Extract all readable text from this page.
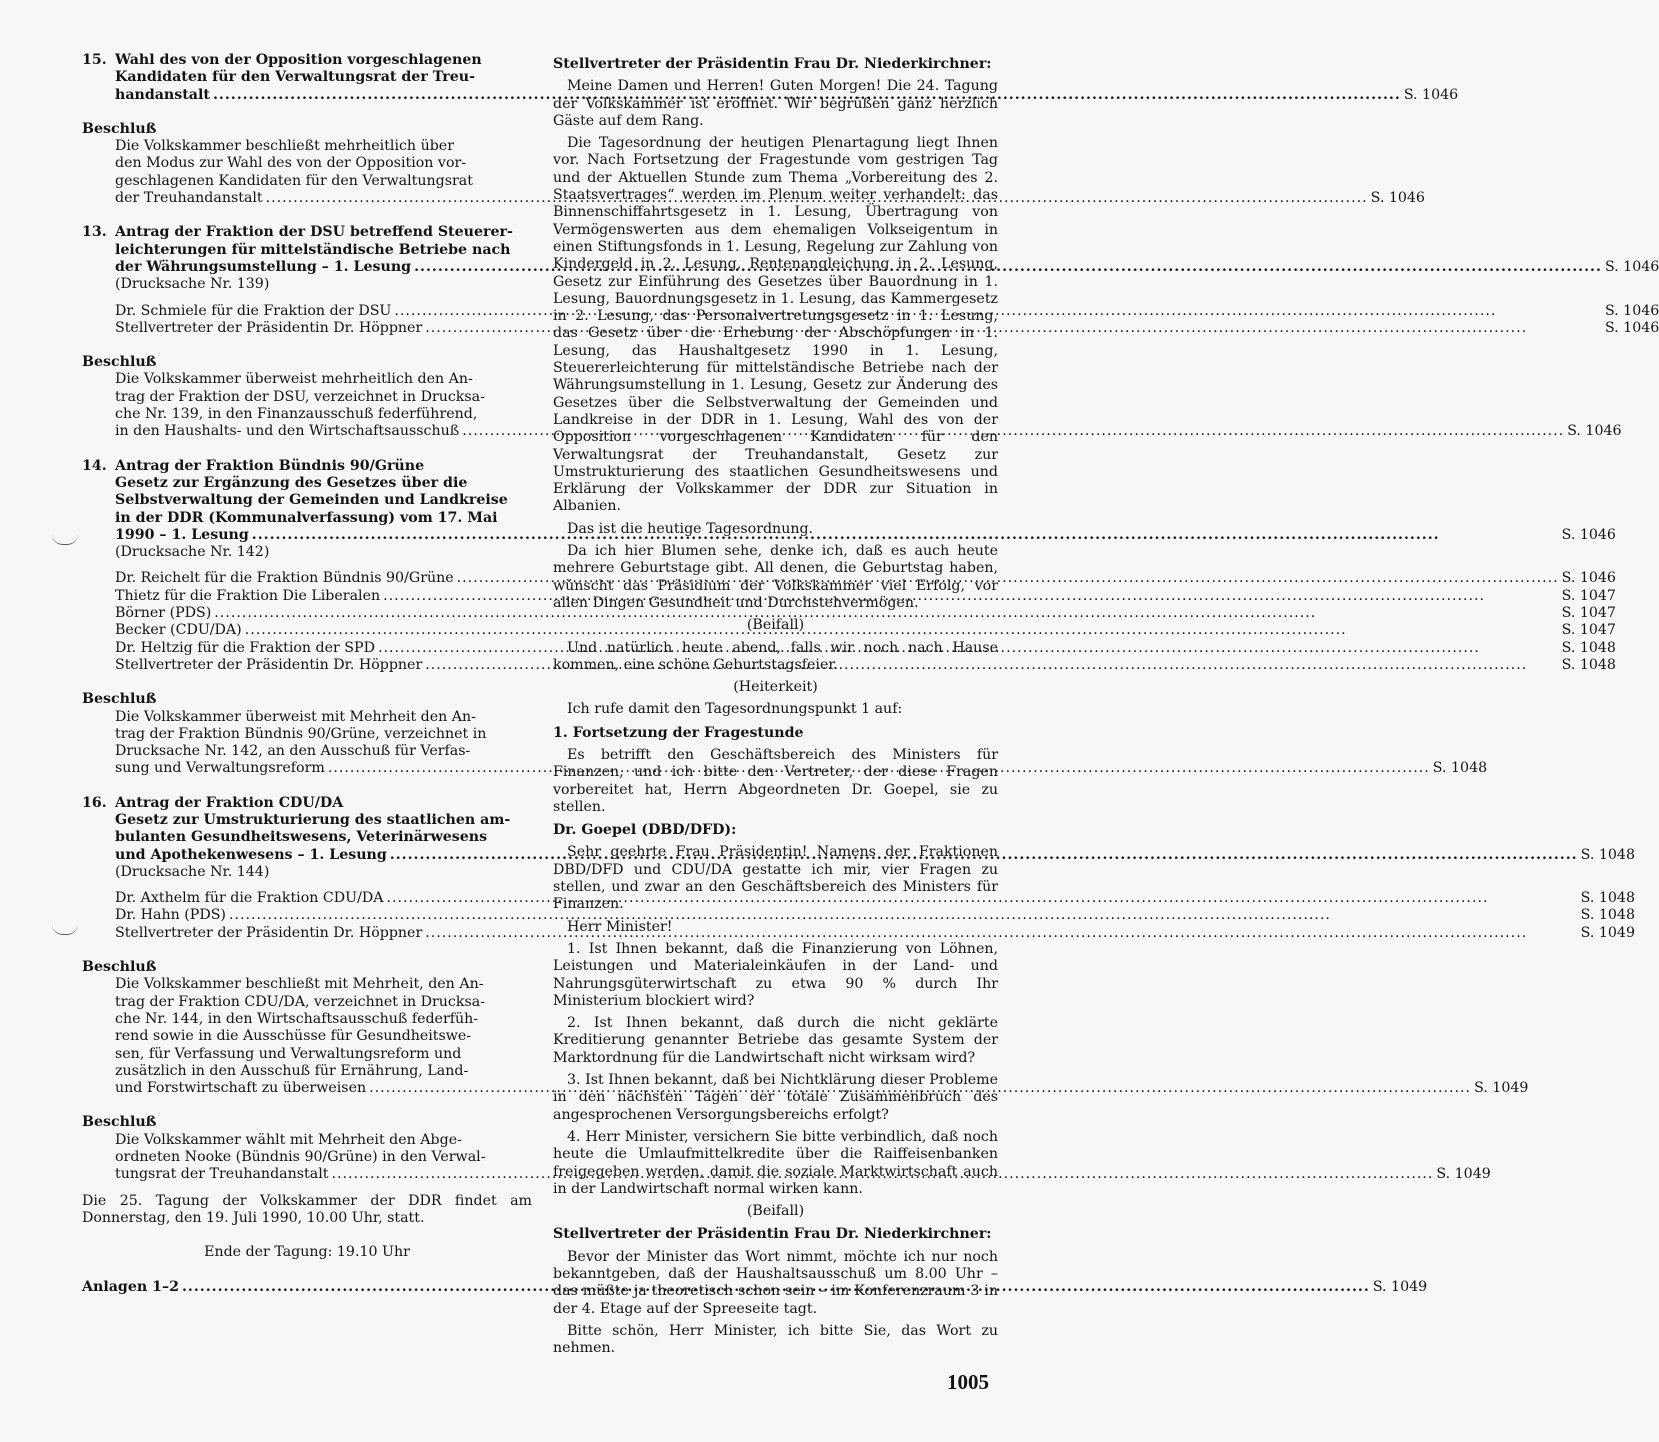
15. Wahl des von der Opposition vorgeschlagenen
Kandidaten für den Verwaltungsrat der Treu-
handanstalt .....	S. 1046
Beschluß
Die Volkskammer beschließt mehrheitlich über
den Modus zur Wahl des von der Opposition vor-
geschlagenen Kandidaten für den Verwaltungsrat
der Treuhandanstalt .....	S. 1046
13. Antrag der Fraktion der DSU betreffend Steuerer-
leichterungen für mittelständische Betriebe nach
der Währungsumstellung – 1. Lesung .....	S. 1046
(Drucksache Nr. 139)
Dr. Schmiele für die Fraktion der DSU .....	S. 1046
Stellvertreter der Präsidentin Dr. Höppner .....	S. 1046
Beschluß
Die Volkskammer überweist mehrheitlich den An-
trag der Fraktion der DSU, verzeichnet in Drucksa-
che Nr. 139, in den Finanzausschuß federführend,
in den Haushalts- und den Wirtschaftsausschuß .....	S. 1046
14. Antrag der Fraktion Bündnis 90/Grüne
Gesetz zur Ergänzung des Gesetzes über die
Selbstverwaltung der Gemeinden und Landkreise
in der DDR (Kommunalverfassung) vom 17. Mai
1990 – 1. Lesung .....	S. 1046
(Drucksache Nr. 142)
Dr. Reichelt für die Fraktion Bündnis 90/Grüne .....	S. 1046
Thietz für die Fraktion Die Liberalen .....	S. 1047
Börner (PDS) .....	S. 1047
Becker (CDU/DA) .....	S. 1047
Dr. Heltzig für die Fraktion der SPD .....	S. 1048
Stellvertreter der Präsidentin Dr. Höppner .....	S. 1048
Beschluß
Die Volkskammer überweist mit Mehrheit den An-
trag der Fraktion Bündnis 90/Grüne, verzeichnet in
Drucksache Nr. 142, an den Ausschuß für Verfas-
sung und Verwaltungsreform .....	S. 1048
16. Antrag der Fraktion CDU/DA
Gesetz zur Umstrukturierung des staatlichen am-
bulanten Gesundheitswesens, Veterinärwesens
und Apothekenwesens – 1. Lesung .....	S. 1048
(Drucksache Nr. 144)
Dr. Axthelm für die Fraktion CDU/DA .....	S. 1048
Dr. Hahn (PDS) .....	S. 1048
Stellvertreter der Präsidentin Dr. Höppner .....	S. 1049
Beschluß
Die Volkskammer beschließt mit Mehrheit, den An-
trag der Fraktion CDU/DA, verzeichnet in Drucksa-
che Nr. 144, in den Wirtschaftsausschuß federfüh-
rend sowie in die Ausschüsse für Gesundheitswe-
sen, für Verfassung und Verwaltungsreform und
zusätzlich in den Ausschuß für Ernährung, Land-
und Forstwirtschaft zu überweisen .....	S. 1049
Beschluß
Die Volkskammer wählt mit Mehrheit den Abge-
ordneten Nooke (Bündnis 90/Grüne) in den Verwal-
tungsrat der Treuhandanstalt .....	S. 1049

Die 25. Tagung der Volkskammer der DDR findet am Donnerstag, den 19. Juli 1990, 10.00 Uhr, statt.

Ende der Tagung: 19.10 Uhr
Anlagen 1–2 .....	S. 1049
Stellvertreter der Präsidentin Frau Dr. Niederkirchner:

Meine Damen und Herren! Guten Morgen! Die 24. Tagung der Volkskammer ist eröffnet. Wir begrüßen ganz herzlich Gäste auf dem Rang.

Die Tagesordnung der heutigen Plenartagung liegt Ihnen vor. Nach Fortsetzung der Fragestunde vom gestrigen Tag und der Aktuellen Stunde zum Thema „Vorbereitung des 2. Staatsvertrages“ werden im Plenum weiter verhandelt: das Binnenschiffahrtsgesetz in 1. Lesung, Übertragung von Vermögenswerten aus dem ehemaligen Volkseigentum in einen Stiftungsfonds in 1. Lesung, Regelung zur Zahlung von Kindergeld in 2. Lesung, Rentenangleichung in 2. Lesung, Gesetz zur Einführung des Gesetzes über Bauordnung in 1. Lesung, Bauordnungsgesetz in 1. Lesung, das Kammergesetz in 2. Lesung, das Personalvertretungsgesetz in 1. Lesung, das Gesetz über die Erhebung der Abschöpfungen in 1. Lesung, das Haushaltgesetz 1990 in 1. Lesung, Steuererleichterung für mittelständische Betriebe nach der Währungsumstellung in 1. Lesung, Gesetz zur Änderung des Gesetzes über die Selbstverwaltung der Gemeinden und Landkreise in der DDR in 1. Lesung, Wahl des von der Opposition vorgeschlagenen Kandidaten für den Verwaltungsrat der Treuhandanstalt, Gesetz zur Umstrukturierung des staatlichen Gesundheitswesens und Erklärung der Volkskammer der DDR zur Situation in Albanien.

Das ist die heutige Tagesordnung.

Da ich hier Blumen sehe, denke ich, daß es auch heute mehrere Geburtstage gibt. All denen, die Geburtstag haben, wünscht das Präsidium der Volkskammer viel Erfolg, vor allen Dingen Gesundheit und Durchstehvermögen.

(Beifall)

Und natürlich heute abend, falls wir noch nach Hause kommen, eine schöne Geburtstagsfeier.

(Heiterkeit)

Ich rufe damit den Tagesordnungspunkt 1 auf:

1. Fortsetzung der Fragestunde

Es betrifft den Geschäftsbereich des Ministers für Finanzen, und ich bitte den Vertreter, der diese Fragen vorbereitet hat, Herrn Abgeordneten Dr. Goepel, sie zu stellen.

Dr. Goepel (DBD/DFD):

Sehr geehrte Frau Präsidentin! Namens der Fraktionen DBD/DFD und CDU/DA gestatte ich mir, vier Fragen zu stellen, und zwar an den Geschäftsbereich des Ministers für Finanzen.

Herr Minister!

1. Ist Ihnen bekannt, daß die Finanzierung von Löhnen, Leistungen und Materialeinkäufen in der Land- und Nahrungsgüterwirtschaft zu etwa 90 % durch Ihr Ministerium blockiert wird?

2. Ist Ihnen bekannt, daß durch die nicht geklärte Kreditierung genannter Betriebe das gesamte System der Marktordnung für die Landwirtschaft nicht wirksam wird?

3. Ist Ihnen bekannt, daß bei Nichtklärung dieser Probleme in den nächsten Tagen der totale Zusammenbruch des angesprochenen Versorgungsbereichs erfolgt?

4. Herr Minister, versichern Sie bitte verbindlich, daß noch heute die Umlaufmittelkredite über die Raiffeisenbanken freigegeben werden, damit die soziale Marktwirtschaft auch in der Landwirtschaft normal wirken kann.

(Beifall)
Stellvertreter der Präsidentin Frau Dr. Niederkirchner:

Bevor der Minister das Wort nimmt, möchte ich nur noch bekanntgeben, daß der Haushaltsausschuß um 8.00 Uhr – das müßte ja theoretisch schon sein – im Konferenzraum 3 in der 4. Etage auf der Spreeseite tagt.

Bitte schön, Herr Minister, ich bitte Sie, das Wort zu nehmen.

1005
